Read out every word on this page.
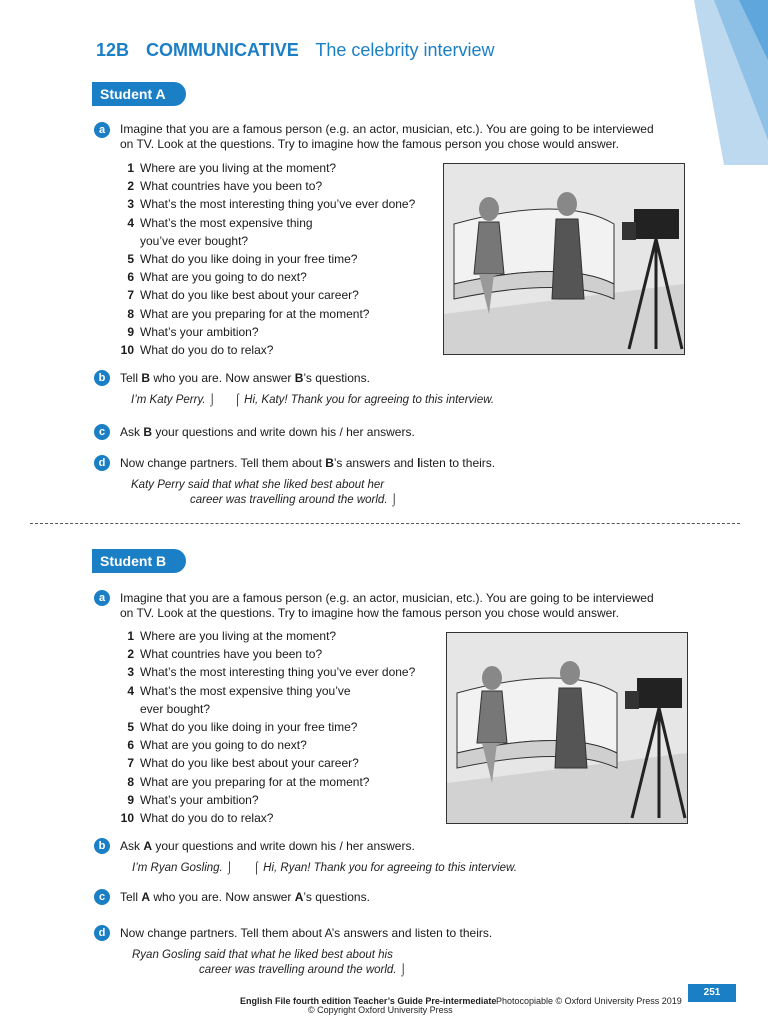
12B COMMUNICATIVE The celebrity interview
Student A
a	Imagine that you are a famous person (e.g. an actor, musician, etc.). You are going to be interviewed
on TV. Look at the questions. Try to imagine how the famous person you chose would answer.
1 Where are you living at the moment?
2 What countries have you been to?
3 What’s the most interesting thing you’ve ever done?
4 What’s the most expensive thing
you’ve ever bought?
5 What do you like doing in your free time?
6 What are you going to do next?
7 What do you like best about your career?
8 What are you preparing for at the moment?
9 What’s your ambition?
10 What do you do to relax?
b	Tell B who you are. Now answer B’s questions.
I’m Katy Perry. ⌡ ⌠ Hi, Katy! Thank you for agreeing to this interview.
c	Ask B your questions and write down his / her answers.
d	Now change partners. Tell them about B’s answers and listen to theirs.
Katy Perry said that what she liked best about her
career was travelling around the world. ⌡
Student B
a	Imagine that you are a famous person (e.g. an actor, musician, etc.). You are going to be interviewed
on TV. Look at the questions. Try to imagine how the famous person you chose would answer.
1 Where are you living at the moment?
2 What countries have you been to?
3 What’s the most interesting thing you’ve ever done?
4 What’s the most expensive thing you’ve
ever bought?
5 What do you like doing in your free time?
6 What are you going to do next?
7 What do you like best about your career?
8 What are you preparing for at the moment?
9 What’s your ambition?
10 What do you do to relax?
b	Ask A your questions and write down his / her answers.
I’m Ryan Gosling. ⌡ ⌠ Hi, Ryan! Thank you for agreeing to this interview.
c	Tell A who you are. Now answer A’s questions.
d	Now change partners. Tell them about A’s answers and listen to theirs.
Ryan Gosling said that what he liked best about his
career was travelling around the world. ⌡
English File fourth edition Teacher’s Guide Pre-intermediate Photocopiable © Oxford University Press 2019
© Copyright Oxford University Press
251
